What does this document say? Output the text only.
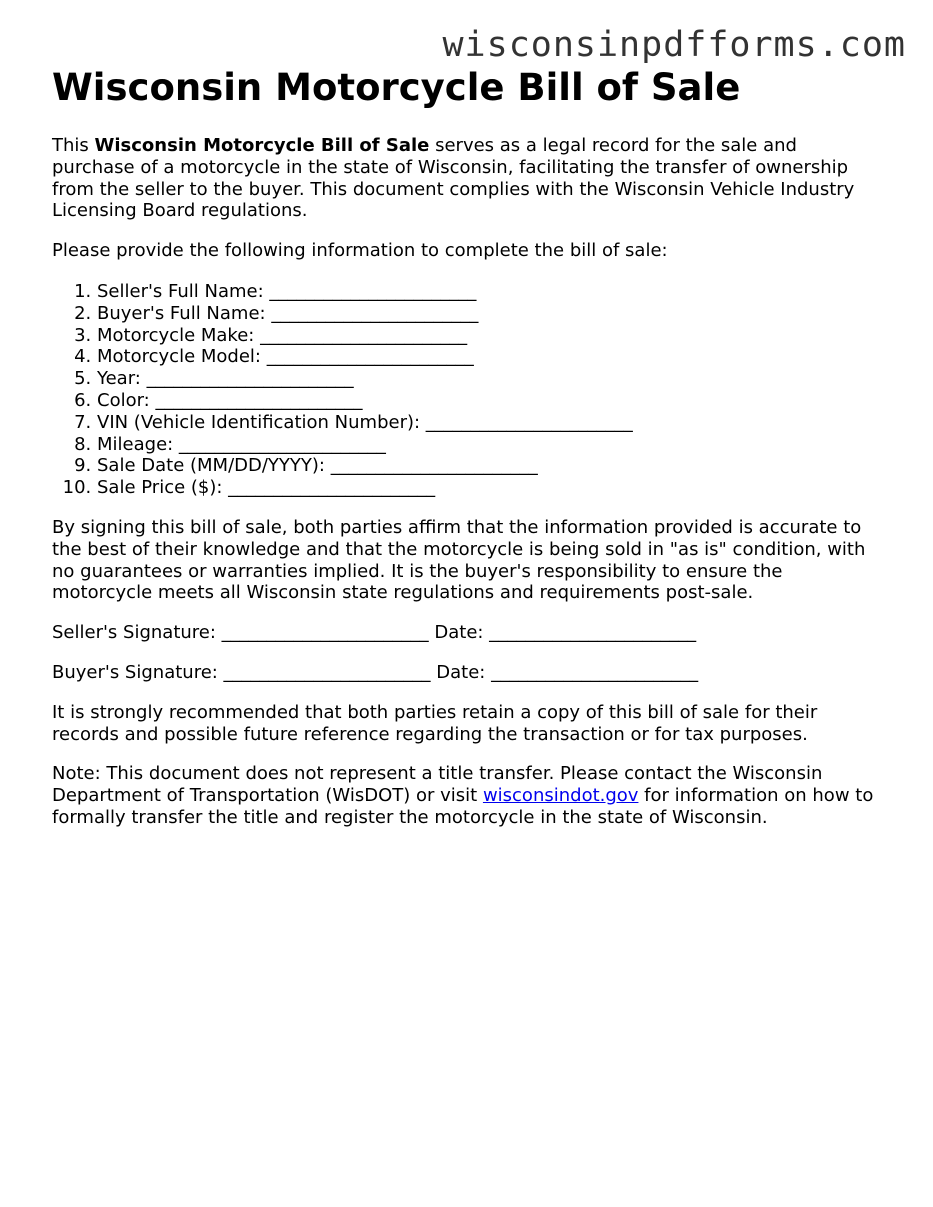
wisconsinpdfforms.com
Wisconsin Motorcycle Bill of Sale

This Wisconsin Motorcycle Bill of Sale serves as a legal record for the sale and purchase of a motorcycle in the state of Wisconsin, facilitating the transfer of ownership from the seller to the buyer. This document complies with the Wisconsin Vehicle Industry Licensing Board regulations.

Please provide the following information to complete the bill of sale:

1. Seller's Full Name: _______________________
2. Buyer's Full Name: _______________________
3. Motorcycle Make: _______________________
4. Motorcycle Model: _______________________
5. Year: _______________________
6. Color: _______________________
7. VIN (Vehicle Identification Number): _______________________
8. Mileage: _______________________
9. Sale Date (MM/DD/YYYY): _______________________
10. Sale Price ($): _______________________

By signing this bill of sale, both parties affirm that the information provided is accurate to the best of their knowledge and that the motorcycle is being sold in "as is" condition, with no guarantees or warranties implied. It is the buyer's responsibility to ensure the motorcycle meets all Wisconsin state regulations and requirements post-sale.

Seller's Signature: _______________________ Date: _______________________

Buyer's Signature: _______________________ Date: _______________________

It is strongly recommended that both parties retain a copy of this bill of sale for their records and possible future reference regarding the transaction or for tax purposes.

Note: This document does not represent a title transfer. Please contact the Wisconsin Department of Transportation (WisDOT) or visit wisconsindot.gov for information on how to formally transfer the title and register the motorcycle in the state of Wisconsin.
